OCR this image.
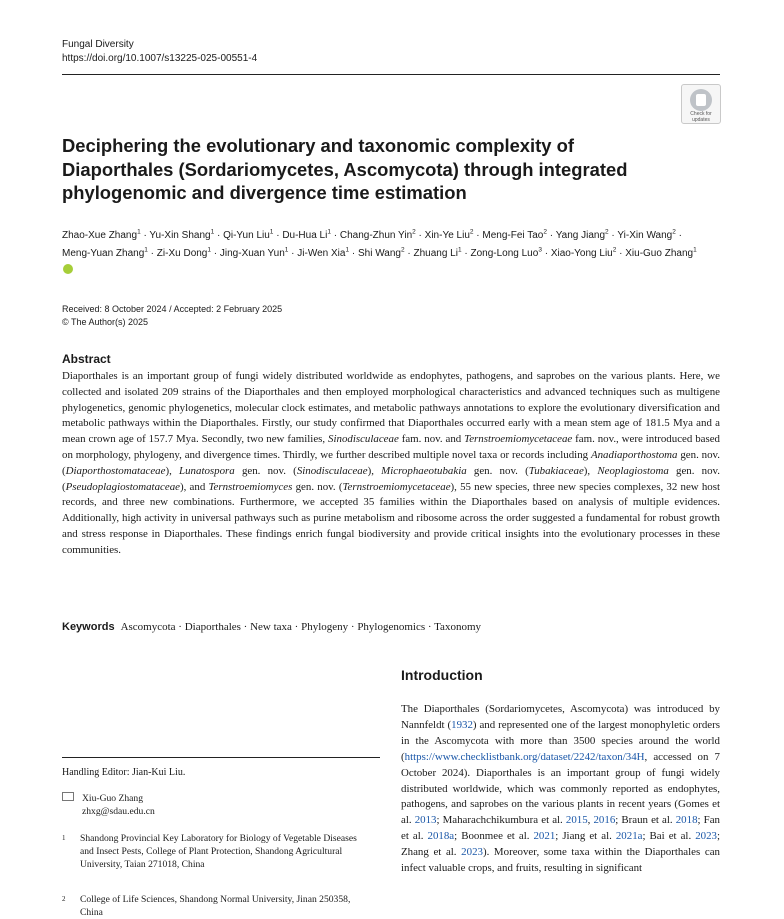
Fungal Diversity
https://doi.org/10.1007/s13225-025-00551-4
Check for updates
Deciphering the evolutionary and taxonomic complexity of Diaporthales (Sordariomycetes, Ascomycota) through integrated phylogenomic and divergence time estimation

Zhao-Xue Zhang$^1$ · Yu-Xin Shang$^1$ · Qi-Yun Liu$^1$ · Du-Hua $Li^1$ · Chang-Zhun Yin$^2$ · Xin-Ye Liu$^2$ · Meng-Fei Tao$^2$ · Yang Jiang$^2$ · Yi-Xin Wang$^2$ · Meng-Yuan Zhang$^1$ · Zi-Xu Dong$^1$ · Jing-Xuan Yun$^1$ · Ji-Wen Xia$^1$ · Shi Wang$^2$ · Zhuang $Li^1$ · Zong-Long Luo$^3$ · Xiao-Yong Liu$^2$ · Xiu-Guo Zhang$^1$

Received: 8 October 2024 / Accepted: 2 February 2025
© The Author(s) 2025
Abstract

Diaporthales is an important group of fungi widely distributed worldwide as endophytes, pathogens, and saprobes on the various plants. Here, we collected and isolated 209 strains of the Diaporthales and then employed morphological characteristics and advanced techniques such as multigene phylogenetics, genomic phylogenetics, molecular clock estimates, and metabolic pathways annotations to explore the evolutionary diversification and metabolic pathways within the Diaporthales. Firstly, our study confirmed that Diaporthales occurred early with a mean stem age of 181.5 Mya and a mean crown age of 157.7 Mya. Secondly, two new families, Sinodisculaceae fam. nov. and Ternstroemiomycetaceae fam. nov., were introduced based on morphology, phylogeny, and divergence times. Thirdly, we further described multiple novel taxa or records including Anadiaporthostoma gen. nov. (Diaporthostomataceae), Lunatospora gen. nov. (Sinodisculaceae), Microphaeotubakia gen. nov. (Tubakiaceae), Neoplagiostoma gen. nov. (Pseudoplagiostomataceae), and Ternstroemiomyces gen. nov. (Ternstroemiomycetaceae), 55 new species, three new species complexes, 32 new host records, and three new combinations. Furthermore, we accepted 35 families within the Diaporthales based on analysis of multiple evidences. Additionally, high activity in universal pathways such as purine metabolism and ribosome across the order suggested a fundamental for robust growth and stress response in Diaporthales. These findings enrich fungal biodiversity and provide critical insights into the evolutionary processes in these communities.

Keywords Ascomycota · Diaporthales · New taxa · Phylogeny · Phylogenomics · Taxonomy
Introduction

The Diaporthales (Sordariomycetes, Ascomycota) was introduced by Nannfeldt (1932) and represented one of the largest monophyletic orders in the Ascomycota with more than 3500 species around the world (https://www.checklistbank.org/dataset/2242/taxon/34H, accessed on 7 October 2024). Diaporthales is an important group of fungi widely distributed worldwide, which was commonly reported as endophytes, pathogens, and saprobes on the various plants in recent years (Gomes et al. 2013; Maharachchikumbura et al. 2015, 2016; Braun et al. 2018; Fan et al. 2018a; Boonmee et al. 2021; Jiang et al. 2021a; Bai et al. 2023; Zhang et al. 2023). Moreover, some taxa within the Diaporthales can infect valuable crops, and fruits, resulting in significant

Handling Editor: Jian-Kui Liu.
Xiu-Guo Zhang
zhxg@sdau.edu.cn
1 Shandong Provincial Key Laboratory for Biology of Vegetable Diseases and Insect Pests, College of Plant Protection, Shandong Agricultural University, Taian 271018, China
2 College of Life Sciences, Shandong Normal University, Jinan 250358, China
